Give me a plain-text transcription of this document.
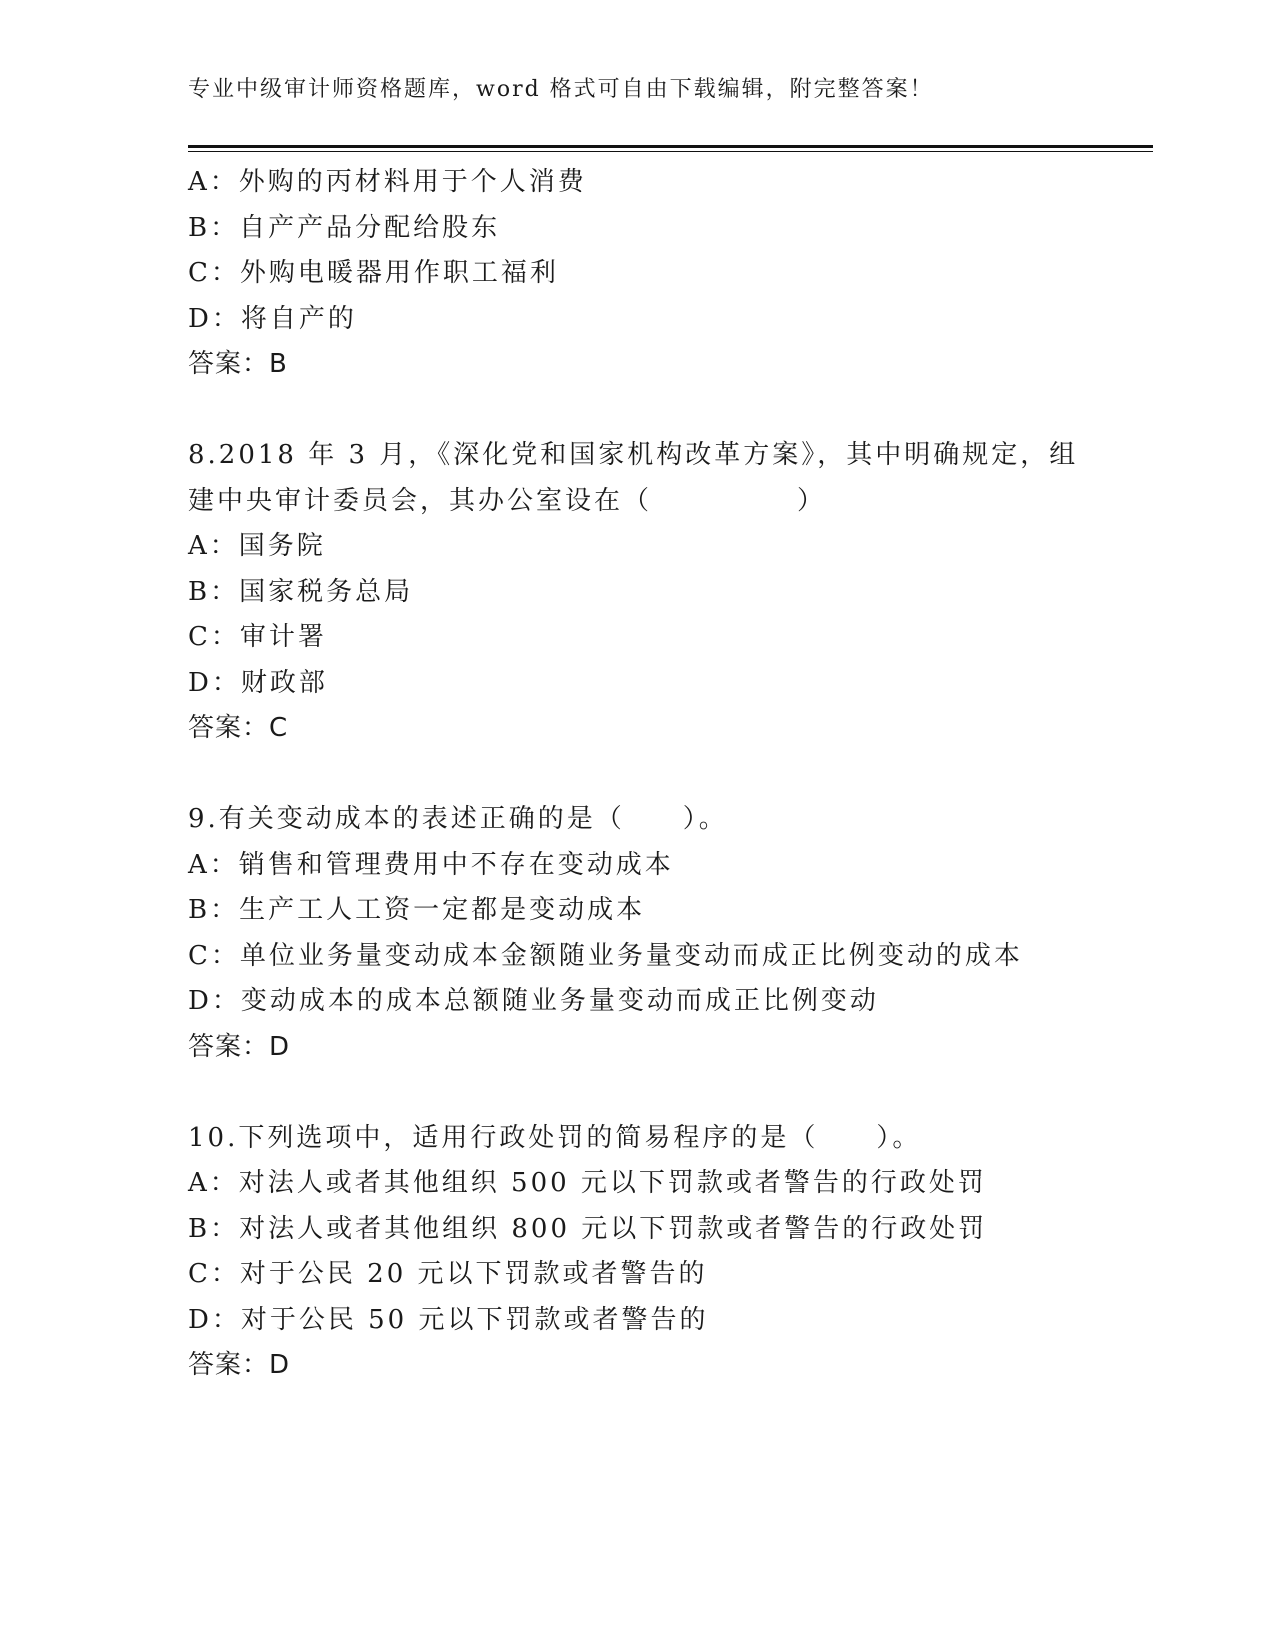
专业中级审计师资格题库，word 格式可自由下载编辑，附完整答案！
A：外购的丙材料用于个人消费
B：自产产品分配给股东
C：外购电暖器用作职工福利
D：将自产的
答案：B
8.2018 年 3 月，《深化党和国家机构改革方案》，其中明确规定，组
建中央审计委员会，其办公室设在（　　　　　）
A：国务院
B：国家税务总局
C：审计署
D：财政部
答案：C
9.有关变动成本的表述正确的是（　　）。
A：销售和管理费用中不存在变动成本
B：生产工人工资一定都是变动成本
C：单位业务量变动成本金额随业务量变动而成正比例变动的成本
D：变动成本的成本总额随业务量变动而成正比例变动
答案：D
10.下列选项中，适用行政处罚的简易程序的是（　　）。
A：对法人或者其他组织 500 元以下罚款或者警告的行政处罚
B：对法人或者其他组织 800 元以下罚款或者警告的行政处罚
C：对于公民 20 元以下罚款或者警告的
D：对于公民 50 元以下罚款或者警告的
答案：D
